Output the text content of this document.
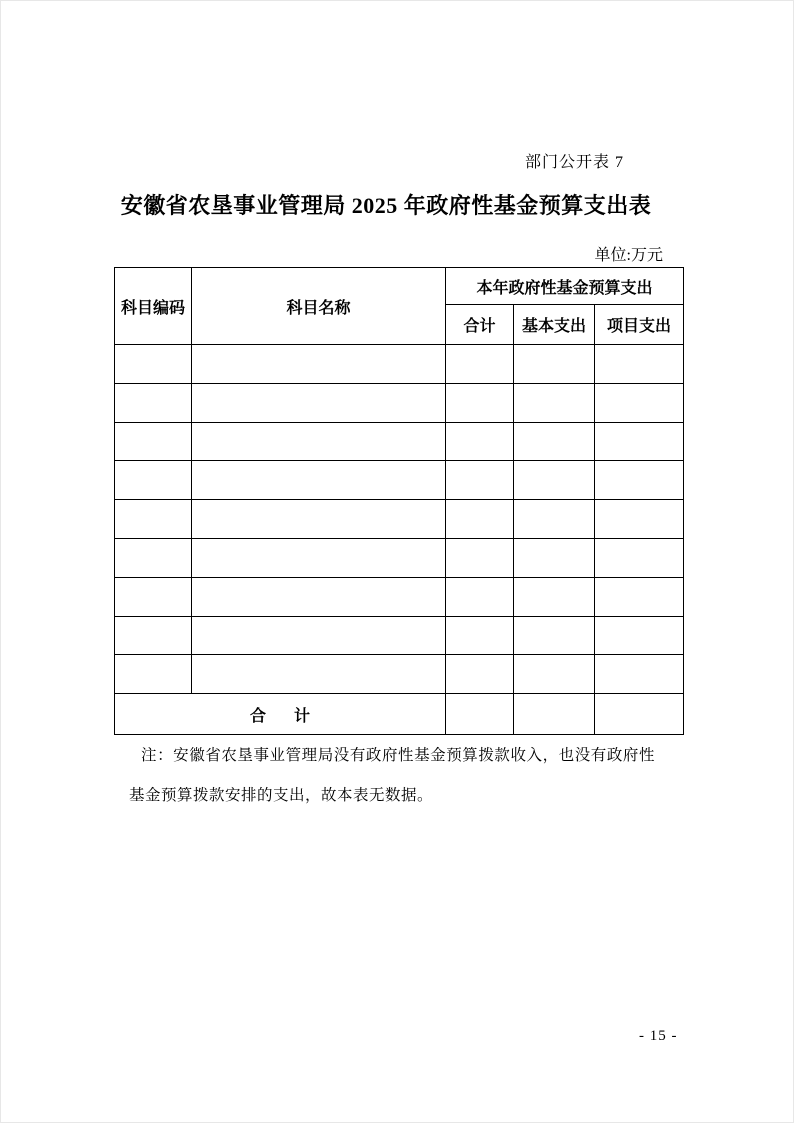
部门公开表 7
安徽省农垦事业管理局 2025 年政府性基金预算支出表
单位:万元
科目编码	科目名称	本年政府性基金预算支出		
		合计	基本支出	项目支出

合 计				
注：安徽省农垦事业管理局没有政府性基金预算拨款收入，也没有政府性基金预算拨款安排的支出，故本表无数据。
- 15 -
